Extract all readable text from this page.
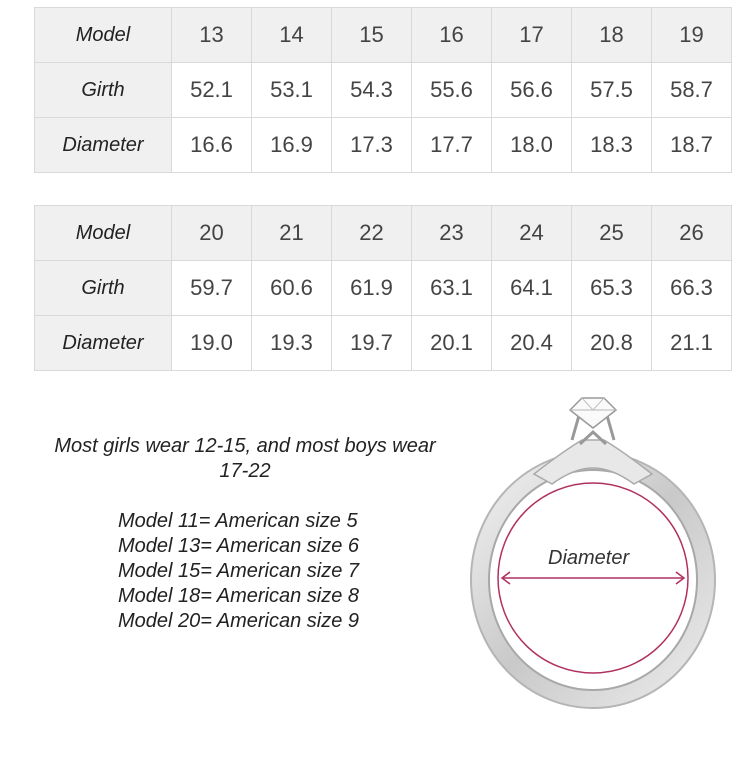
Model	13	14	15	16	17	18	19
Girth	52.1	53.1	54.3	55.6	56.6	57.5	58.7
Diameter	16.6	16.9	17.3	17.7	18.0	18.3	18.7
Model	20	21	22	23	24	25	26
Girth	59.7	60.6	61.9	63.1	64.1	65.3	66.3
Diameter	19.0	19.3	19.7	20.1	20.4	20.8	21.1
Most girls wear 12-15, and most boys wear 17-22
Model 11= American size 5
Model 13= American size 6
Model 15= American size 7
Model 18= American size 8
Model 20= American size 9
Diameter
